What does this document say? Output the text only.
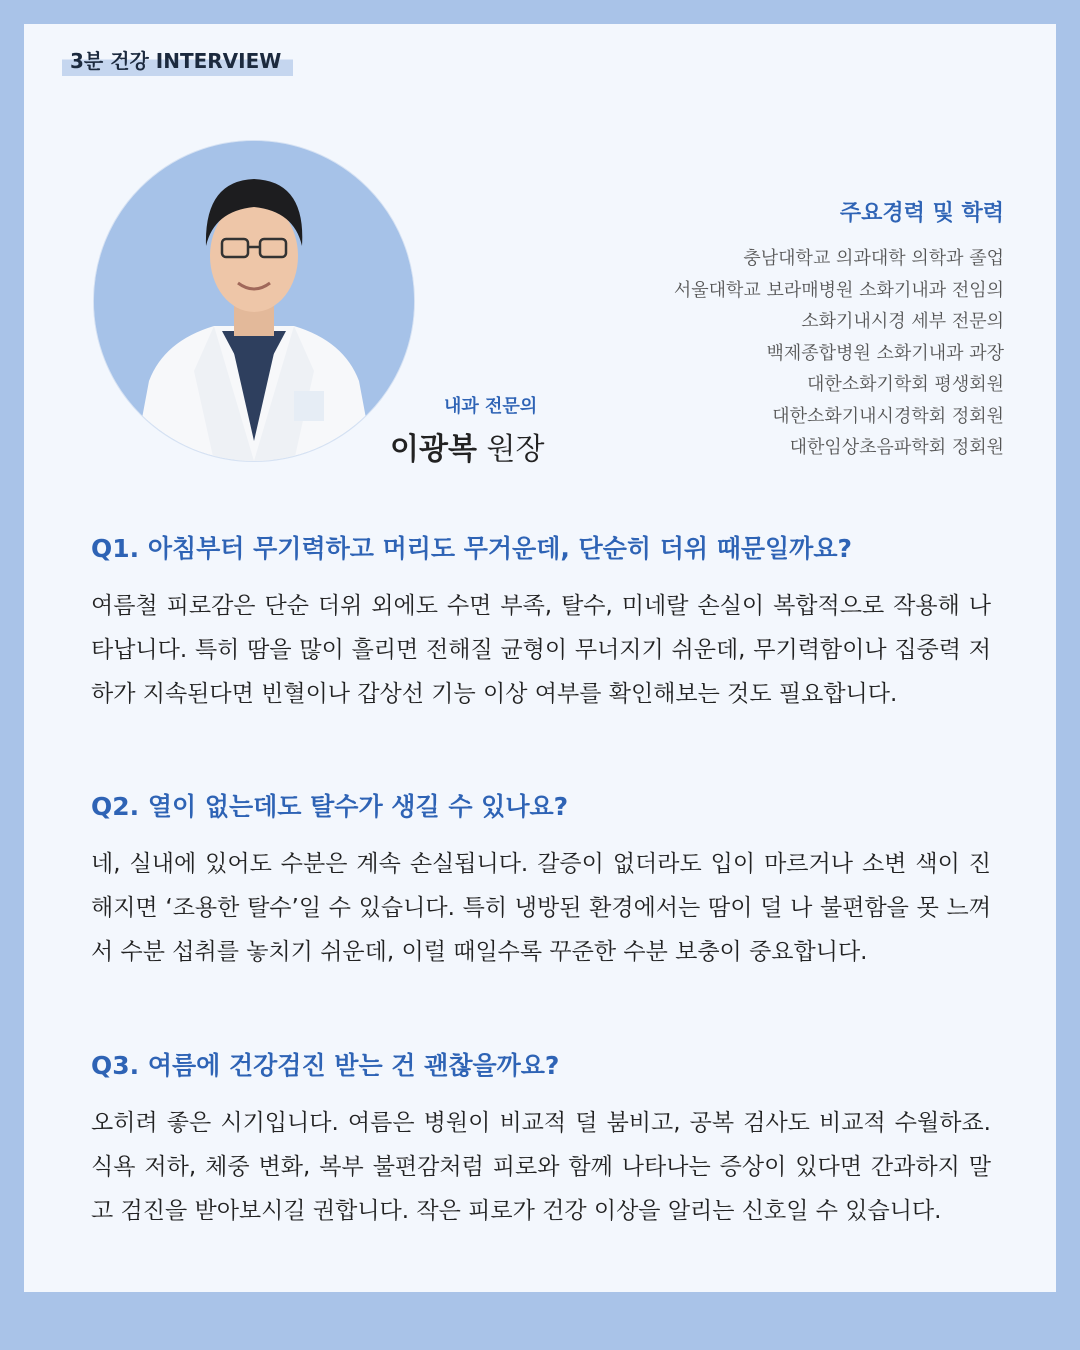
3분 건강 INTERVIEW
내과 전문의
이광복 원장
주요경력 및 학력
충남대학교 의과대학 의학과 졸업
서울대학교 보라매병원 소화기내과 전임의
소화기내시경 세부 전문의
백제종합병원 소화기내과 과장
대한소화기학회 평생회원
대한소화기내시경학회 정회원
대한임상초음파학회 정회원

Q1. 아침부터 무기력하고 머리도 무거운데, 단순히 더위 때문일까요?

여름철 피로감은 단순 더위 외에도 수면 부족, 탈수, 미네랄 손실이 복합적으로 작용해 나타납니다. 특히 땀을 많이 흘리면 전해질 균형이 무너지기 쉬운데, 무기력함이나 집중력 저하가 지속된다면 빈혈이나 갑상선 기능 이상 여부를 확인해보는 것도 필요합니다.

Q2. 열이 없는데도 탈수가 생길 수 있나요?

네, 실내에 있어도 수분은 계속 손실됩니다. 갈증이 없더라도 입이 마르거나 소변 색이 진해지면 ‘조용한 탈수’일 수 있습니다. 특히 냉방된 환경에서는 땀이 덜 나 불편함을 못 느껴서 수분 섭취를 놓치기 쉬운데, 이럴 때일수록 꾸준한 수분 보충이 중요합니다.

Q3. 여름에 건강검진 받는 건 괜찮을까요?

오히려 좋은 시기입니다. 여름은 병원이 비교적 덜 붐비고, 공복 검사도 비교적 수월하죠. 식욕 저하, 체중 변화, 복부 불편감처럼 피로와 함께 나타나는 증상이 있다면 간과하지 말고 검진을 받아보시길 권합니다. 작은 피로가 건강 이상을 알리는 신호일 수 있습니다.
